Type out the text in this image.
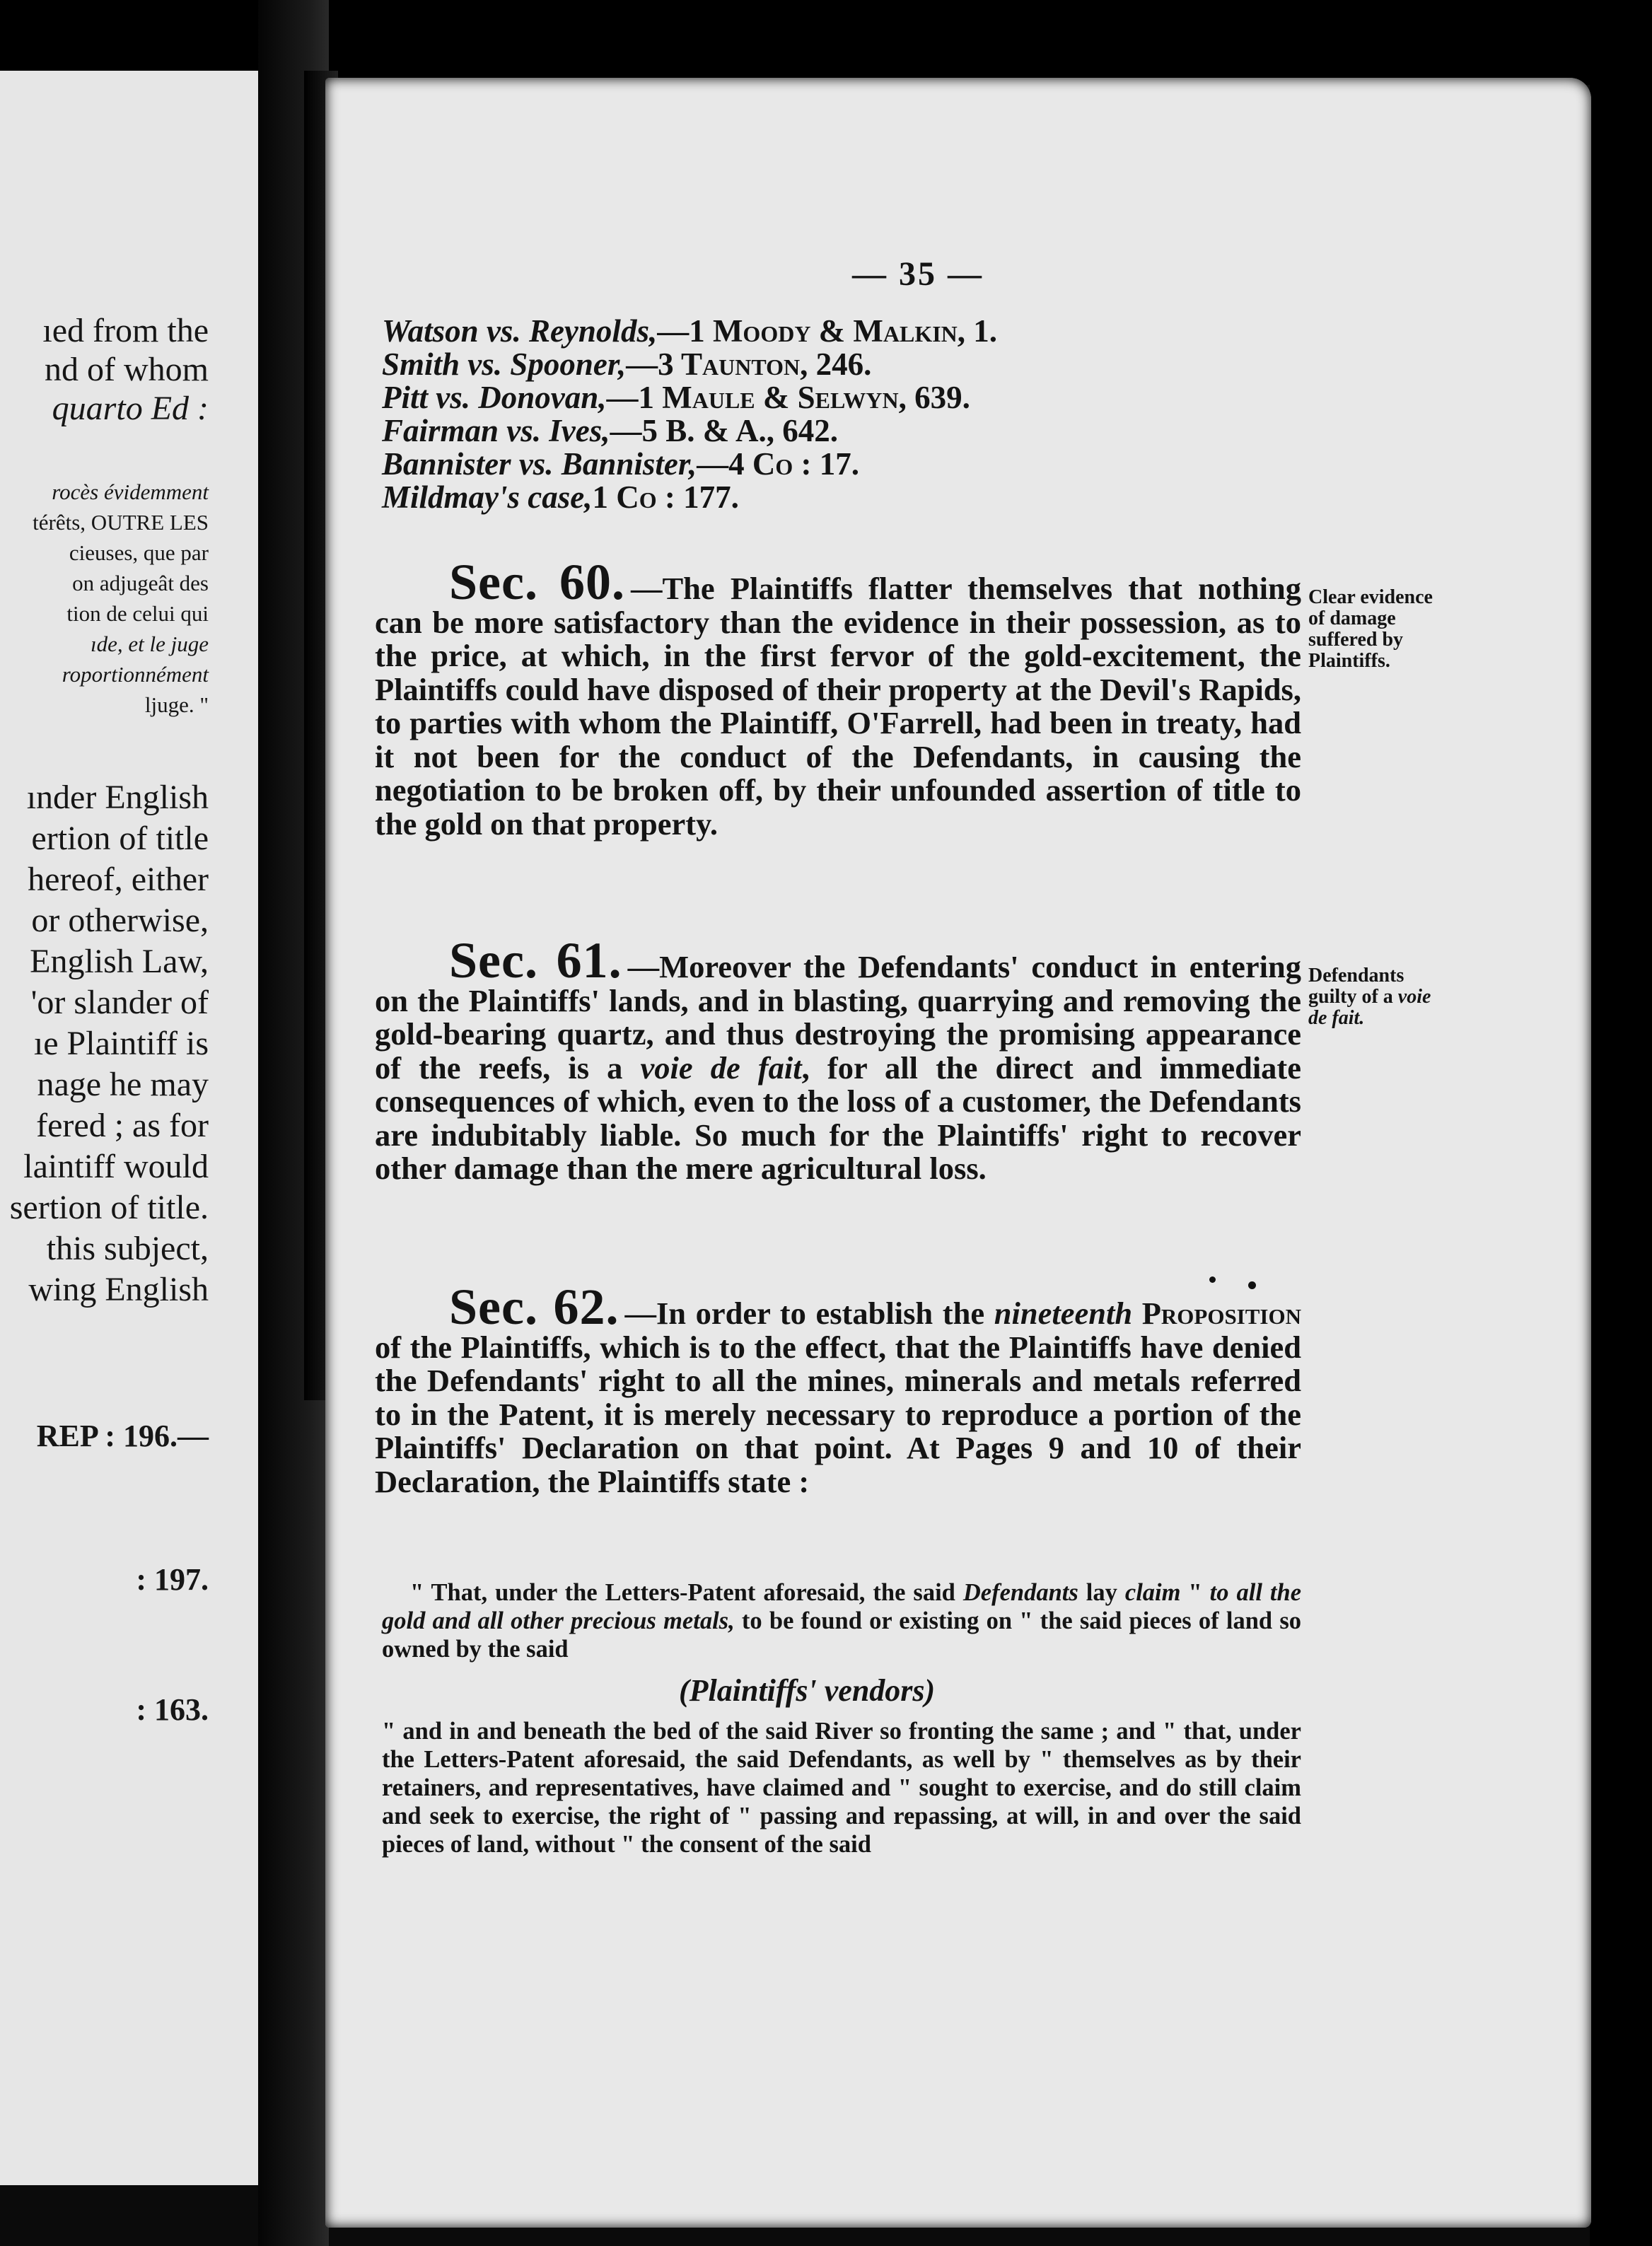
ıed from the
nd of whom
quarto Ed :
rocès évidemment
térêts, OUTRE LES
cieuses, que par
on adjugeât des
tion de celui qui
ıde, et le juge
roportionnément
ljuge. "
ınder English
ertion of title
hereof, either
or otherwise,
English Law,
'or slander of
ıe Plaintiff is
nage he may
fered ; as for
laintiff would
sertion of title.
this subject,
wing English
REP : 196.—
: 197.
: 163.
— 35 —
Watson vs. Reynolds,—1 Moody & Malkin, 1.
Smith vs. Spooner,—3 Taunton, 246.
Pitt vs. Donovan,—1 Maule & Selwyn, 639.
Fairman vs. Ives,—5 B. & A., 642.
Bannister vs. Bannister,—4 Co : 17.
Mildmay's case,1 Co : 177.
Sec. 60. —The Plaintiffs flatter themselves that nothing can be more satisfactory than the evidence in their possession, as to the price, at which, in the first fervor of the gold-excitement, the Plaintiffs could have disposed of their property at the Devil's Rapids, to parties with whom the Plaintiff, O'Farrell, had been in treaty, had it not been for the conduct of the Defendants, in causing the negotiation to be broken off, by their unfounded assertion of title to the gold on that property.
Clear evidence of damage suffered by Plaintiffs.
Sec. 61. —Moreover the Defendants' conduct in entering on the Plaintiffs' lands, and in blasting, quarrying and removing the gold-bearing quartz, and thus destroying the promising appearance of the reefs, is a voie de fait, for all the direct and immediate consequences of which, even to the loss of a customer, the Defendants are indubitably liable. So much for the Plaintiffs' right to recover other damage than the mere agricultural loss.
Defendants guilty of a voie de fait.
Sec. 62. —In order to establish the nineteenth Proposition of the Plaintiffs, which is to the effect, that the Plaintiffs have denied the Defendants' right to all the mines, minerals and metals referred to in the Patent, it is merely necessary to reproduce a portion of the Plaintiffs' Declaration on that point. At Pages 9 and 10 of their Declaration, the Plaintiffs state :
" That, under the Letters-Patent aforesaid, the said Defendants lay claim " to all the gold and all other precious metals, to be found or existing on " the said pieces of land so owned by the said
(Plaintiffs' vendors)
" and in and beneath the bed of the said River so fronting the same ; and " that, under the Letters-Patent aforesaid, the said Defendants, as well by " themselves as by their retainers, and representatives, have claimed and " sought to exercise, and do still claim and seek to exercise, the right of " passing and repassing, at will, in and over the said pieces of land, without " the consent of the said
